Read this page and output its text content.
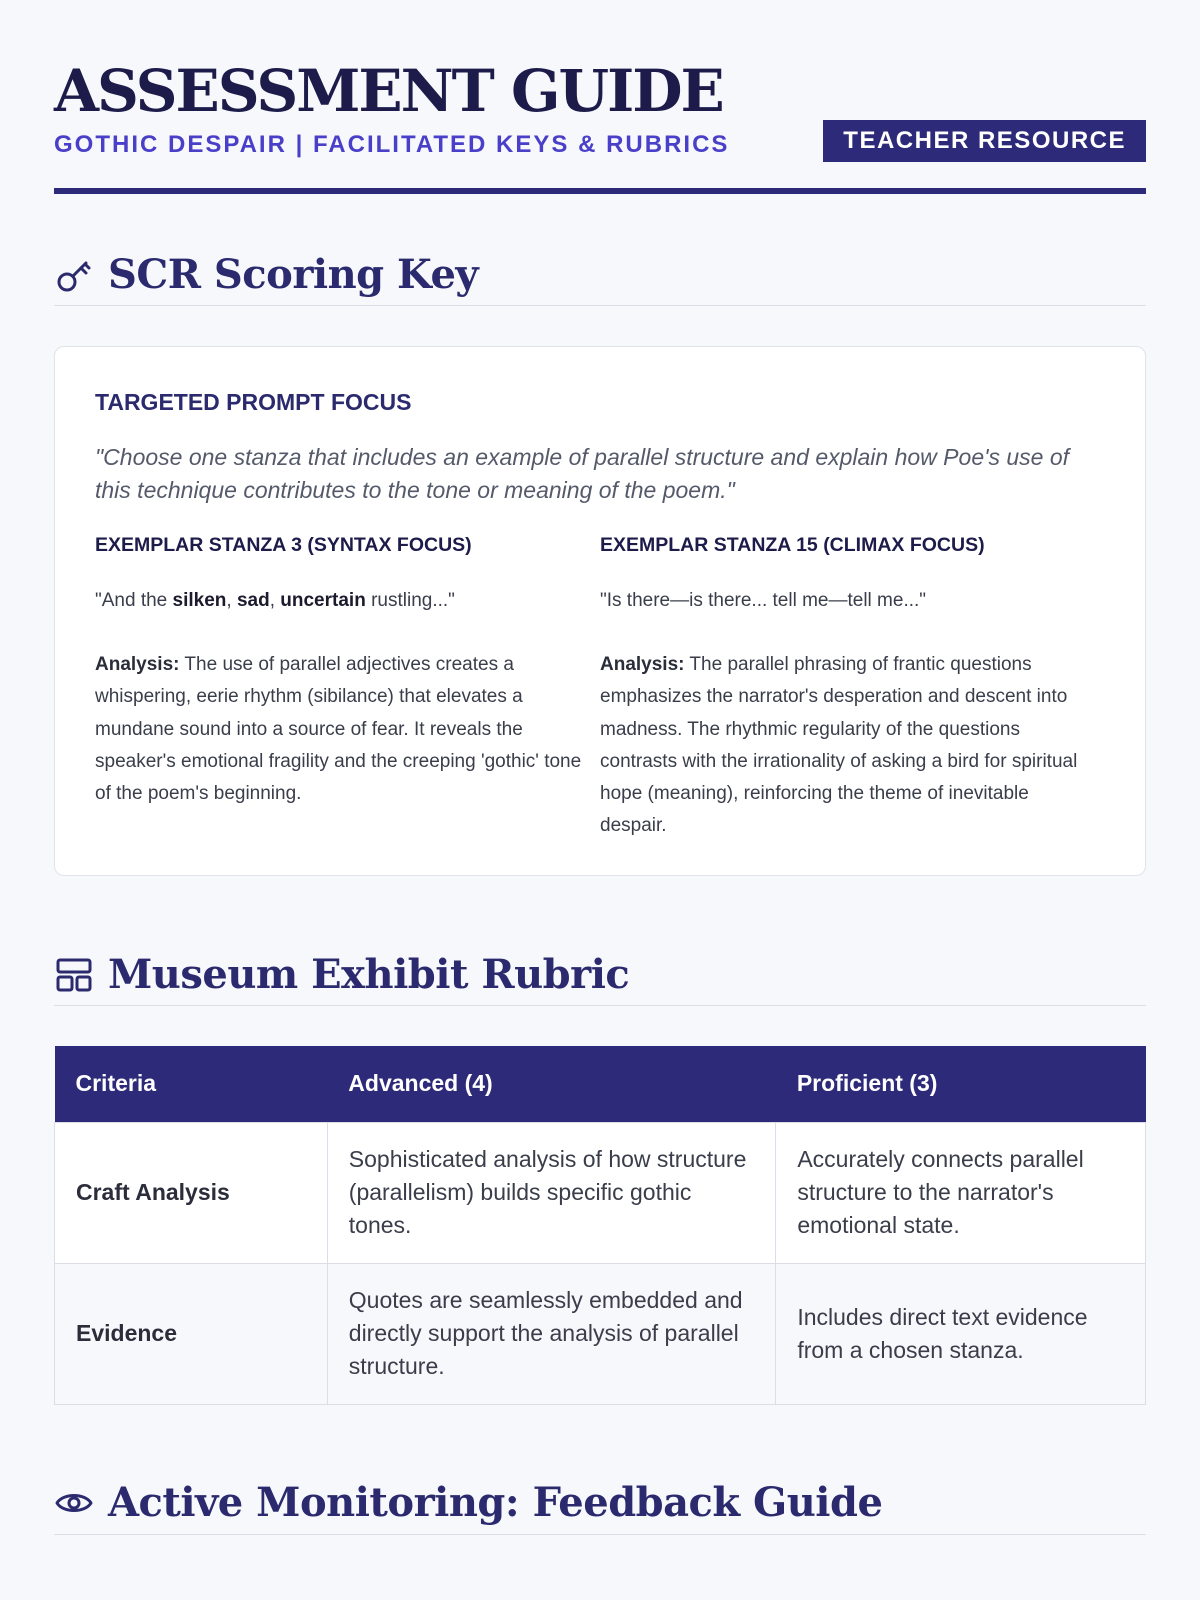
ASSESSMENT GUIDE
GOTHIC DESPAIR | FACILITATED KEYS & RUBRICS	TEACHER RESOURCE
SCR Scoring Key
TARGETED PROMPT FOCUS

"Choose one stanza that includes an example of parallel structure and explain how Poe's use of this technique contributes to the tone or meaning of the poem."

EXEMPLAR STANZA 3 (SYNTAX FOCUS)

"And the silken, sad, uncertain rustling..."

Analysis: The use of parallel adjectives creates a whispering, eerie rhythm (sibilance) that elevates a mundane sound into a source of fear. It reveals the speaker's emotional fragility and the creeping 'gothic' tone of the poem's beginning.

EXEMPLAR STANZA 15 (CLIMAX FOCUS)

"Is there—is there... tell me—tell me..."

Analysis: The parallel phrasing of frantic questions emphasizes the narrator's desperation and descent into madness. The rhythmic regularity of the questions contrasts with the irrationality of asking a bird for spiritual hope (meaning), reinforcing the theme of inevitable despair.

Museum Exhibit Rubric
Criteria	Advanced (4)	Proficient (3)
Craft Analysis	Sophisticated analysis of how structure (parallelism) builds specific gothic tones.	Accurately connects parallel structure to the narrator's emotional state.
Evidence	Quotes are seamlessly embedded and directly support the analysis of parallel structure.	Includes direct text evidence from a chosen stanza.
Active Monitoring: Feedback Guide
